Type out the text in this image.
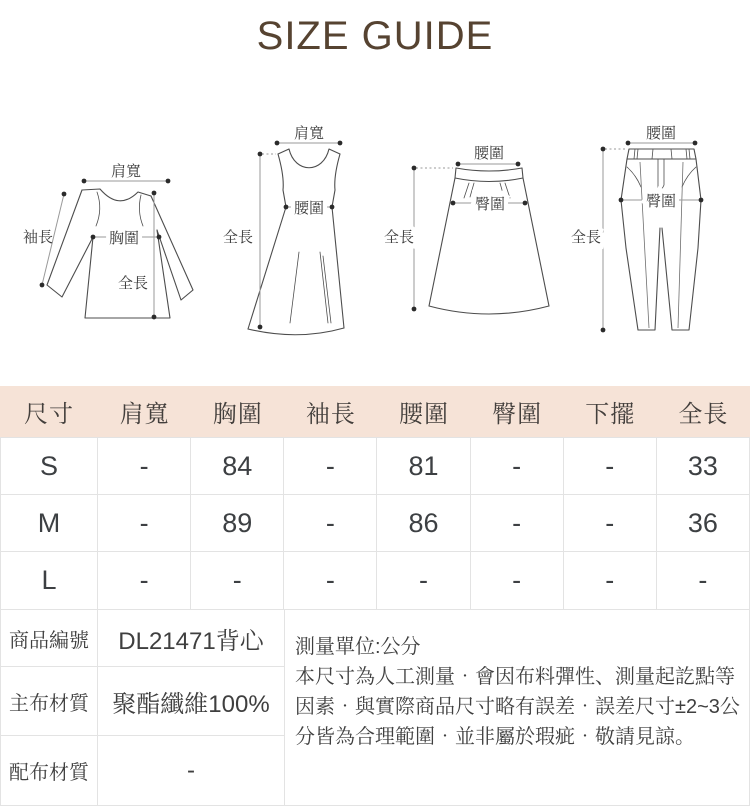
SIZE GUIDE
肩寬
胸圍
全長
袖長
肩寬
腰圍
全長
腰圍
臀圍
全長
腰圍
臀圍
全長
尺寸	肩寬	胸圍	袖長	腰圍	臀圍	下擺	全長
S	-	84	-	81	-	-	33
M	-	89	-	86	-	-	36
L	-	-	-	-	-	-	-
測量單位:公分
本尺寸為人工測量‧會因布料彈性、測量起訖點等因素‧與實際商品尺寸略有誤差‧誤差尺寸±2~3公分皆為合理範圍‧並非屬於瑕疵‧敬請見諒。
商品編號	DL21471背心
主布材質 聚酯纖維100%
配布材質	-
